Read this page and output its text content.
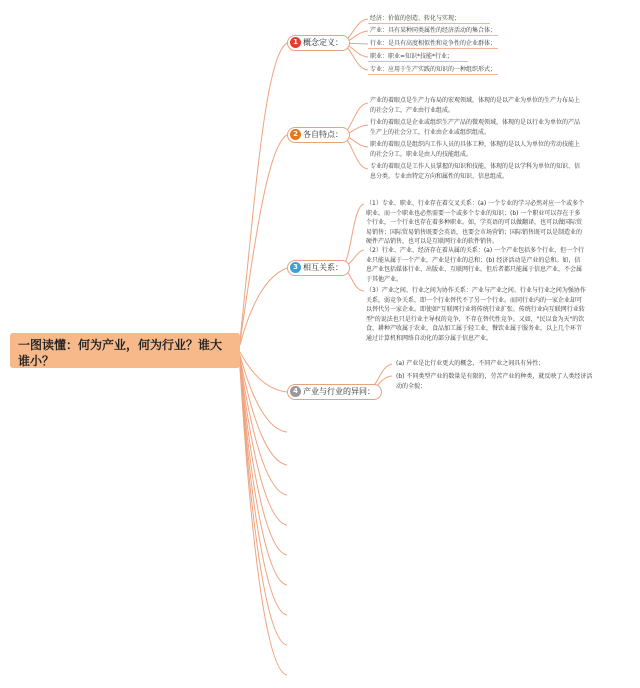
一图读懂：何为产业，何为行业？谁大谁小？
1 概念定义：
经济：价值的创造、转化与实现；
产业：具有某种同类属性的经济活动的集合体；
行业：是具有高度相似性和竞争性的企业群体；
职业：职业=知识*技能*行业；
专业：应用于生产实践的知识的一种组织形式；
2 各自特点：
产业的着眼点是生产力布局的宏观领域，体现的是以产业为单位的生产力布局上的社会分工，产业由行业组成。
行业的着眼点是企业或组织生产产品的微观领域，体现的是以行业为单位的产品生产上的社会分工，行业由企业或组织组成。
职业的着眼点是组织内工作人员的具体工种，体现的是以人为单位的劳动技能上的社会分工，职业是由人的技能组成。
专业的着眼点是工作人员掌握的知识和技能，体现的是以学科为单位的知识、信息分类，专业由特定方向和属性的知识、信息组成。
3 相互关系：
（1）专业、职业、行业存在着交叉关系：(a) 一个专业的学习必然对应一个或多个职业，而一个职业也必然需要一个或多个专业的知识；(b) 一个职业可以存在于多个行业，一个行业也存在着多种职业。如，学英语的可以做翻译，也可以做国际贸易销售；国际贸易销售既要会英语，也要会市场营销；国际销售既可以是制造业的硬件产品销售，也可以是互联网行业的软件销售。
（2）行业、产业、经济存在着从属的关系：(a) 一个产业包括多个行业，但一个行业只能从属于一个产业，产业是行业的总和；(b) 经济活动是产业的总和。如，信息产业包括媒体行业、出版业、互联网行业，但后者都只能属于信息产业，不会属于其他产业。
（3）产业之间、行业之间为协作关系：产业与产业之间、行业与行业之间为强协作关系，弱竞争关系，即一个行业替代不了另一个行业。而同行业内的一家企业却可以替代另一家企业。即使如"互联网行业将传统行业扩张、传统行业向互联网行业转型"的说法也只是行业主导权的竞争，不存在替代性竞争。又如，"民以食为天"的饮食，耕种产收属于农业，食品加工属于轻工业，餐饮业属于服务业，以上几个环节通过计算机和网络自动化的部分属于信息产业。
4 产业与行业的异同：
(a) 产业是比行业更大的概念，不同产业之间具有异性；
(b) 不同类型产业的数量是有限的，劳苦产业的种类，就反映了人类经济活动的全貌；
